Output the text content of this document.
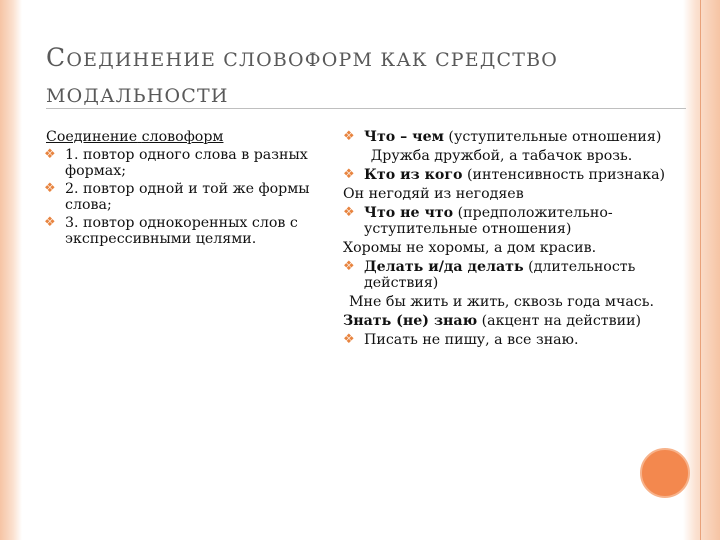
СОЕДИНЕНИЕ СЛОВОФОРМ КАК СРЕДСТВО
МОДАЛЬНОСТИ
Соединение словоформ
❖ 1. повтор одного слова в разных формах;
❖ 2. повтор одной и той же формы слова;
❖ 3. повтор однокоренных слов с экспрессивными целями.
❖ Что – чем (уступительные отношения)
Дружба дружбой, а табачок врозь.
❖ Кто из кого (интенсивность признака)
Он негодяй из негодяев
❖ Что не что (предположительно-уступительные отношения)
Хоромы не хоромы, а дом красив.
❖ Делать и/да делать (длительность действия)
Мне бы жить и жить, сквозь года мчась.
Знать (не) знаю (акцент на действии)
❖ Писать не пишу, а все знаю.
